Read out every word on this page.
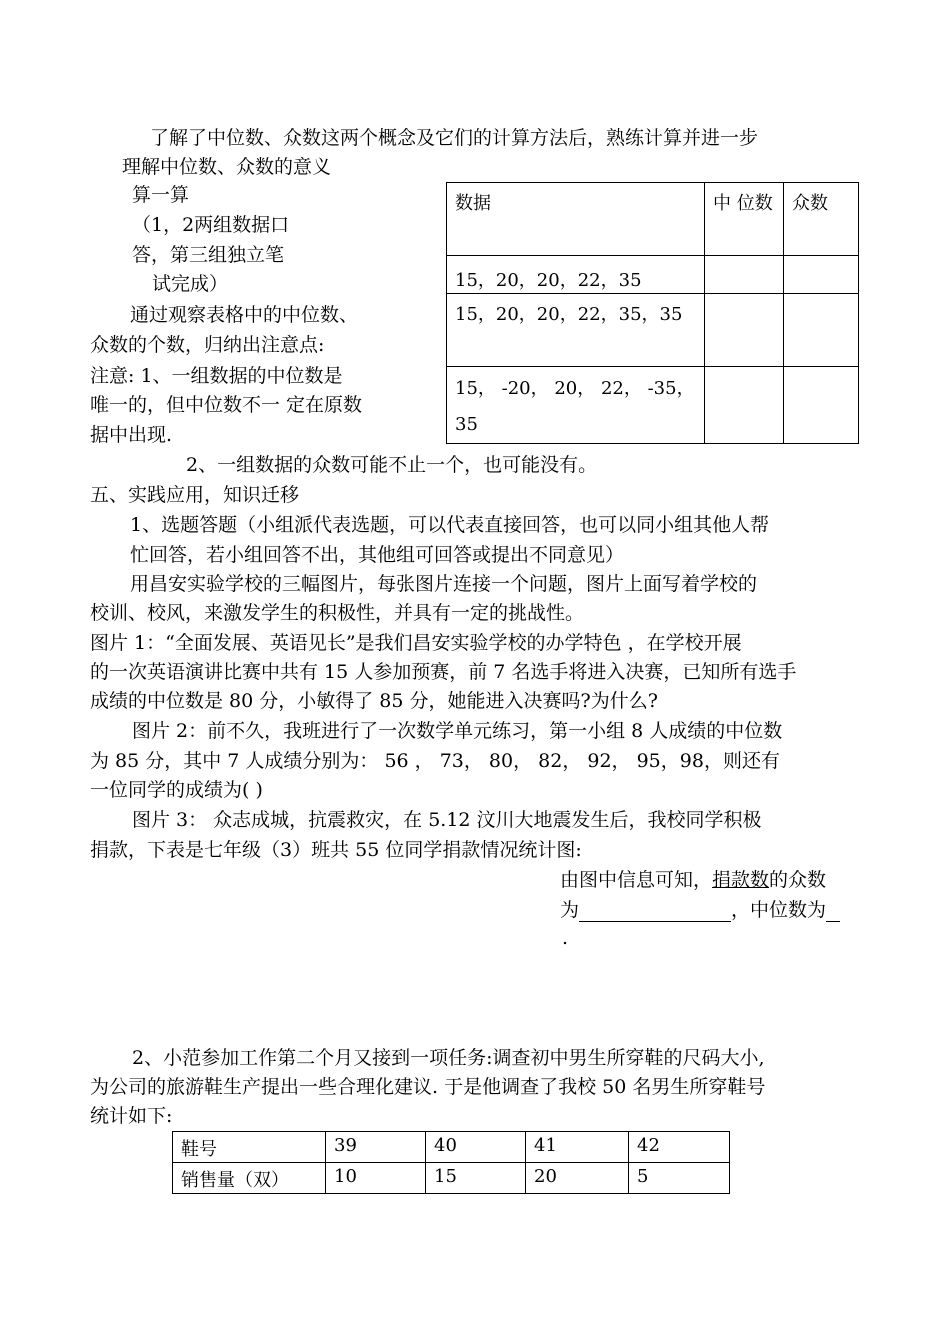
了解了中位数、众数这两个概念及它们的计算方法后，熟练计算并进一步
理解中位数、众数的意义
算一算
（1，2两组数据口
答，第三组独立笔
试完成）
通过观察表格中的中位数、
众数的个数，归纳出注意点:
注意: 1、一组数据的中位数是
唯一的，但中位数不一 定在原数
据中出现.
数据	中 位数	众数
15，20，20，22，35		
15，20，20，22，35，35		
15， -20， 20， 22， -35，35		
2、一组数据的众数可能不止一个，也可能没有。
五、实践应用，知识迁移
1、选题答题（小组派代表选题，可以代表直接回答，也可以同小组其他人帮
忙回答，若小组回答不出，其他组可回答或提出不同意见）
用昌安实验学校的三幅图片，每张图片连接一个问题，图片上面写着学校的
校训、校风，来激发学生的积极性，并具有一定的挑战性。
图片 1：“全面发展、英语见长”是我们昌安实验学校的办学特色 ，在学校开展
的一次英语演讲比赛中共有 15 人参加预赛，前 7 名选手将进入决赛，已知所有选手
成绩的中位数是 80 分，小敏得了 85 分，她能进入决赛吗?为什么?
图片 2：前不久，我班进行了一次数学单元练习，第一小组 8 人成绩的中位数
为 85 分，其中 7 人成绩分别为： 56 ， 73， 80， 82， 92， 95，98，则还有
一位同学的成绩为( )
图片 3： 众志成城，抗震救灾，在 5.12 汶川大地震发生后，我校同学积极
捐款，下表是七年级（3）班共 55 位同学捐款情况统计图:
由图中信息可知，捐款数的众数
为	，中位数为
.
2、小范参加工作第二个月又接到一项任务:调查初中男生所穿鞋的尺码大小,
为公司的旅游鞋生产提出一些合理化建议. 于是他调查了我校 50 名男生所穿鞋号
统计如下:
鞋号	39	40	41	42
销售量（双）	10	15	20	5
